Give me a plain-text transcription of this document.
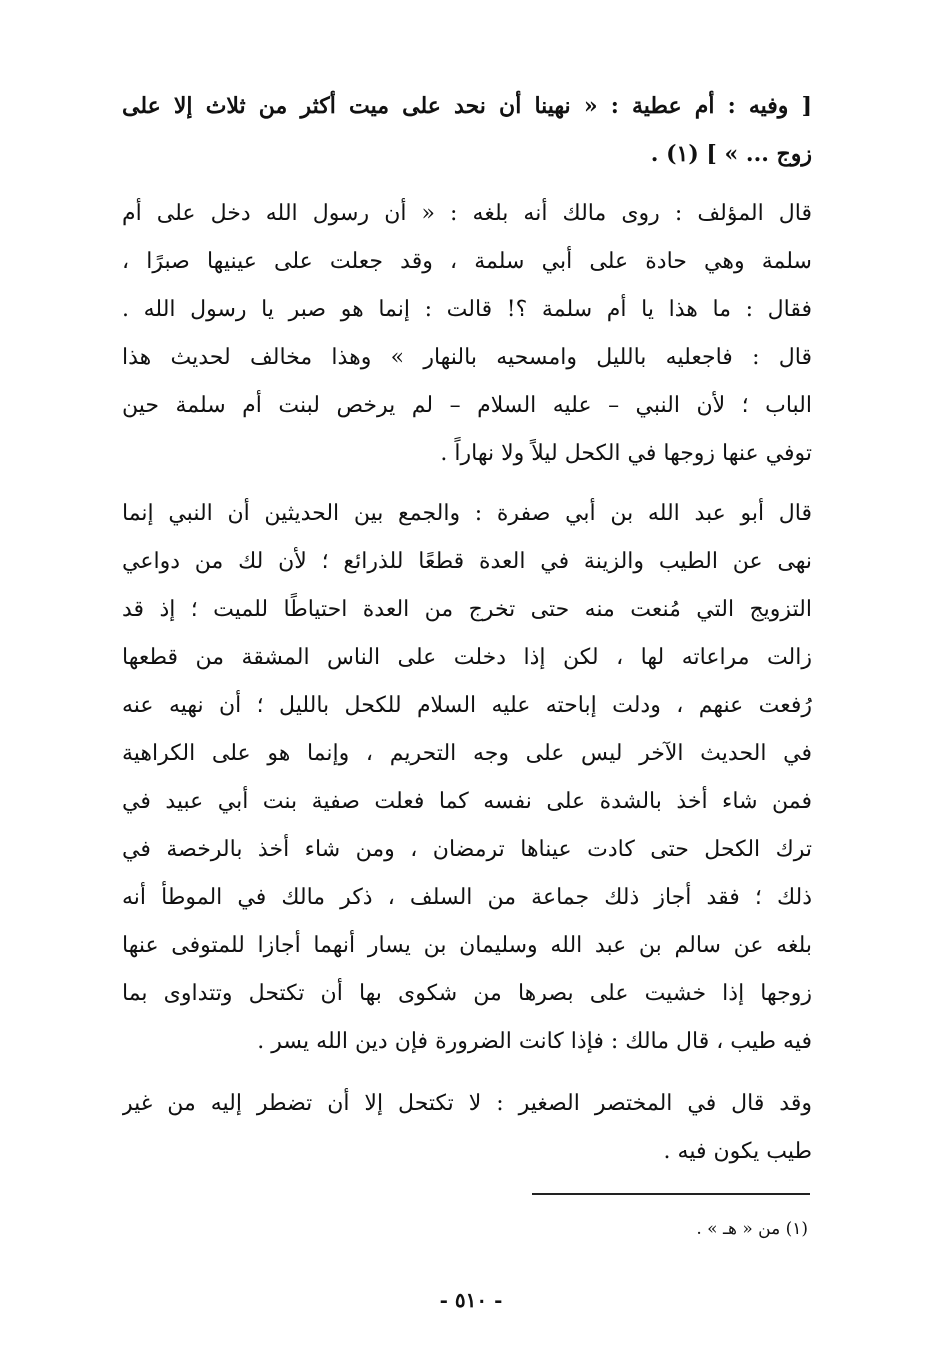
[ وفيه : أم عطية : « نهينا أن نحد على ميت أكثر من ثلاث إلا على
زوج ... » ] (١) .
قال المؤلف : روى مالك أنه بلغه : « أن رسول الله دخل على أم
سلمة وهي حادة على أبي سلمة ، وقد جعلت على عينيها صبرًا ،
فقال : ما هذا يا أم سلمة ؟! قالت : إنما هو صبر يا رسول الله .
قال : فاجعليه بالليل وامسحيه بالنهار » وهذا مخالف لحديث هذا
الباب ؛ لأن النبي – عليه السلام – لم يرخص لبنت أم سلمة حين
توفي عنها زوجها في الكحل ليلاً ولا نهاراً .
قال أبو عبد الله بن أبي صفرة : والجمع بين الحديثين أن النبي إنما
نهى عن الطيب والزينة في العدة قطعًا للذرائع ؛ لأن لك من دواعي
التزويج التي مُنعت منه حتى تخرج من العدة احتياطًا للميت ؛ إذ قد
زالت مراعاته لها ، لكن إذا دخلت على الناس المشقة من قطعها
رُفعت عنهم ، ودلت إباحته عليه السلام للكحل بالليل ؛ أن نهيه عنه
في الحديث الآخر ليس على وجه التحريم ، وإنما هو على الكراهية
فمن شاء أخذ بالشدة على نفسه كما فعلت صفية بنت أبي عبيد في
ترك الكحل حتى كادت عيناها ترمضان ، ومن شاء أخذ بالرخصة في
ذلك ؛ فقد أجاز ذلك جماعة من السلف ، ذكر مالك في الموطأ أنه
بلغه عن سالم بن عبد الله وسليمان بن يسار أنهما أجازا للمتوفى عنها
زوجها إذا خشيت على بصرها من شكوى بها أن تكتحل وتتداوى بما
فيه طيب ، قال مالك : فإذا كانت الضرورة فإن دين الله يسر .
وقد قال في المختصر الصغير : لا تكتحل إلا أن تضطر إليه من غير
طيب يكون فيه .
(١) من « هـ » .
- ٥١٠ -
